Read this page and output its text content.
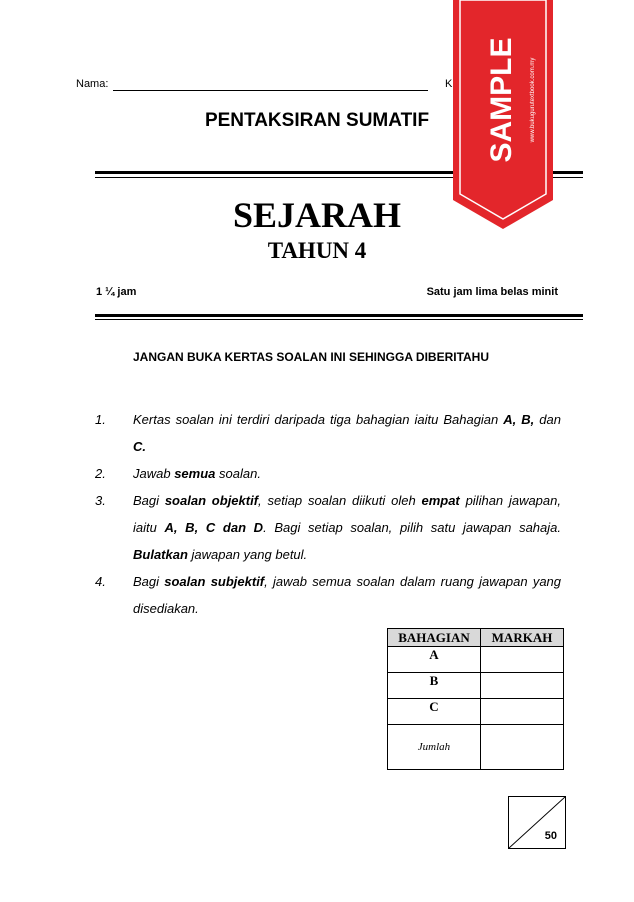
Nama:	K
PENTAKSIRAN SUMATIF
SEJARAH
TAHUN 4
1 ¼ jam	Satu jam lima belas minit
JANGAN BUKA KERTAS SOALAN INI SEHINGGA DIBERITAHU
1.	Kertas soalan ini terdiri daripada tiga bahagian iaitu Bahagian A, B, dan C.
2.	Jawab semua soalan.
3.	Bagi soalan objektif, setiap soalan diikuti oleh empat pilihan jawapan, iaitu A, B, C dan D. Bagi setiap soalan, pilih satu jawapan sahaja. Bulatkan jawapan yang betul.
4.	Bagi soalan subjektif, jawab semua soalan dalam ruang jawapan yang disediakan.
BAHAGIAN	MARKAH
A	
B	
C	
Jumlah	
50
SAMPLE www.bukugurutextbook.com.my
